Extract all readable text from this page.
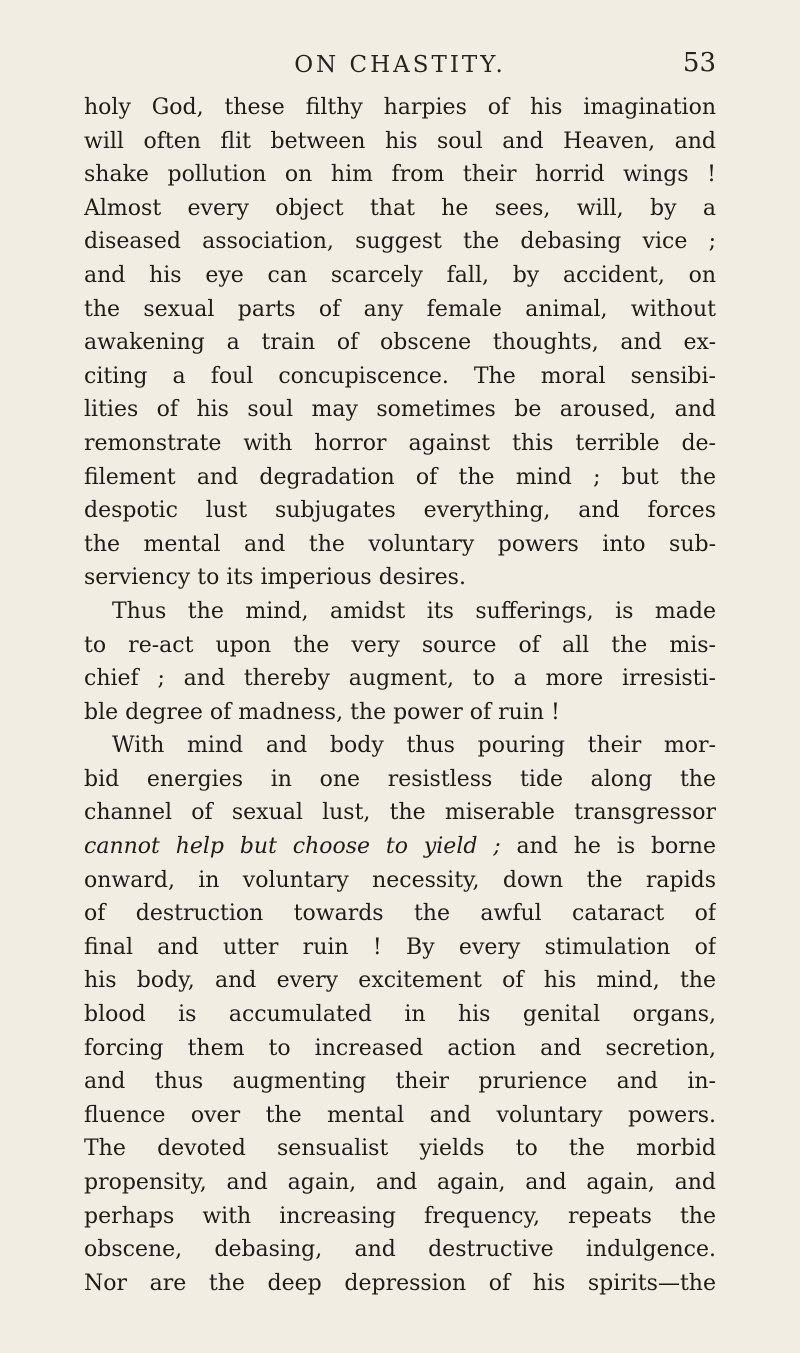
ON CHASTITY.	53
holy God, these filthy harpies of his imagination
will often flit between his soul and Heaven, and
shake pollution on him from their horrid wings !
Almost every object that he sees, will, by a
diseased association, suggest the debasing vice ;
and his eye can scarcely fall, by accident, on
the sexual parts of any female animal, without
awakening a train of obscene thoughts, and ex-
citing a foul concupiscence. The moral sensibi-
lities of his soul may sometimes be aroused, and
remonstrate with horror against this terrible de-
filement and degradation of the mind ; but the
despotic lust subjugates everything, and forces
the mental and the voluntary powers into sub-
serviency to its imperious desires.
Thus the mind, amidst its sufferings, is made
to re-act upon the very source of all the mis-
chief ; and thereby augment, to a more irresisti-
ble degree of madness, the power of ruin !
With mind and body thus pouring their mor-
bid energies in one resistless tide along the
channel of sexual lust, the miserable transgressor
cannot help but choose to yield ; and he is borne
onward, in voluntary necessity, down the rapids
of destruction towards the awful cataract of
final and utter ruin ! By every stimulation of
his body, and every excitement of his mind, the
blood is accumulated in his genital organs,
forcing them to increased action and secretion,
and thus augmenting their prurience and in-
fluence over the mental and voluntary powers.
The devoted sensualist yields to the morbid
propensity, and again, and again, and again, and
perhaps with increasing frequency, repeats the
obscene, debasing, and destructive indulgence.
Nor are the deep depression of his spirits—the
